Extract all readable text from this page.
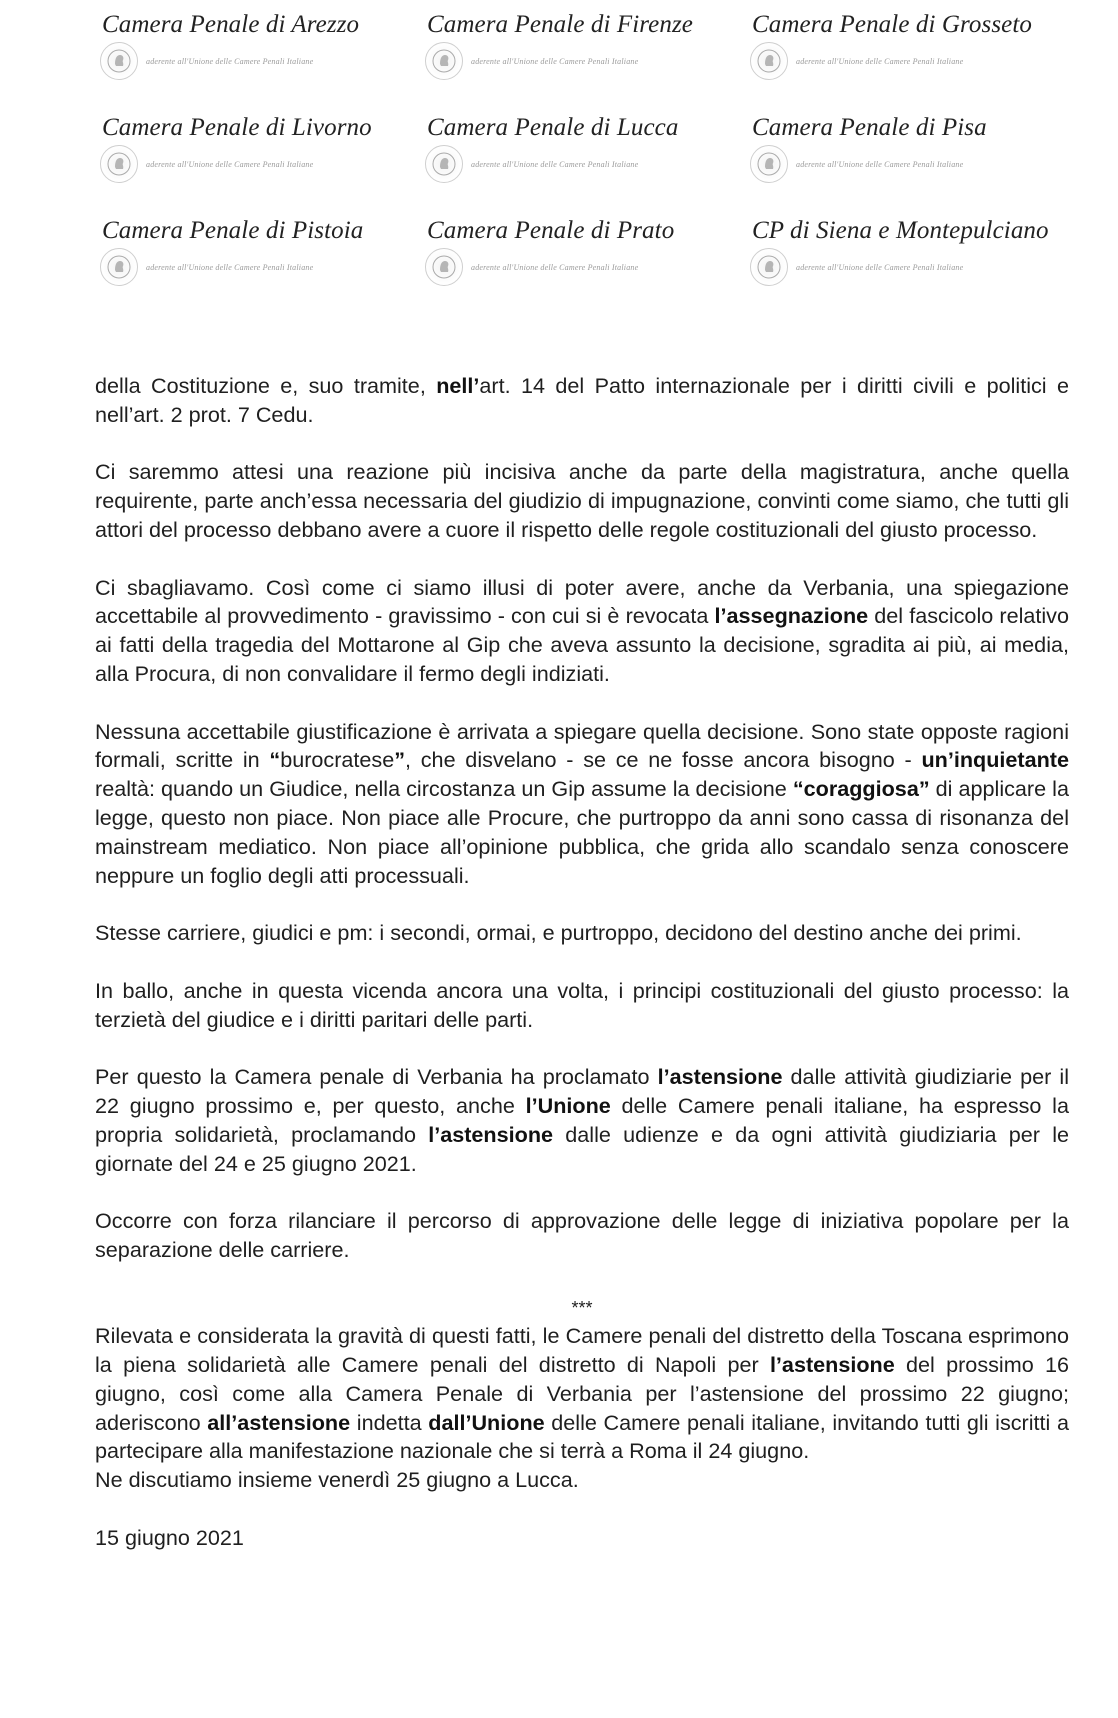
Camera Penale di Arezzo
aderente all'Unione delle Camere Penali Italiane
Camera Penale di Firenze
aderente all'Unione delle Camere Penali Italiane
Camera Penale di Grosseto
aderente all'Unione delle Camere Penali Italiane
Camera Penale di Livorno
aderente all'Unione delle Camere Penali Italiane
Camera Penale di Lucca
aderente all'Unione delle Camere Penali Italiane
Camera Penale di Pisa
aderente all'Unione delle Camere Penali Italiane
Camera Penale di Pistoia
aderente all'Unione delle Camere Penali Italiane
Camera Penale di Prato
aderente all'Unione delle Camere Penali Italiane
CP di Siena e Montepulciano
aderente all'Unione delle Camere Penali Italiane

della Costituzione e, suo tramite, nell’art. 14 del Patto internazionale per i diritti civili e politici e nell’art. 2 prot. 7 Cedu.

Ci saremmo attesi una reazione più incisiva anche da parte della magistratura, anche quella requirente, parte anch’essa necessaria del giudizio di impugnazione, convinti come siamo, che tutti gli attori del processo debbano avere a cuore il rispetto delle regole costituzionali del giusto processo.

Ci sbagliavamo. Così come ci siamo illusi di poter avere, anche da Verbania, una spiegazione accettabile al provvedimento - gravissimo - con cui si è revocata l’assegnazione del fascicolo relativo ai fatti della tragedia del Mottarone al Gip che aveva assunto la decisione, sgradita ai più, ai media, alla Procura, di non convalidare il fermo degli indiziati.

Nessuna accettabile giustificazione è arrivata a spiegare quella decisione. Sono state opposte ragioni formali, scritte in “burocratese”, che disvelano - se ce ne fosse ancora bisogno - un’inquietante realtà: quando un Giudice, nella circostanza un Gip assume la decisione “coraggiosa” di applicare la legge, questo non piace. Non piace alle Procure, che purtroppo da anni sono cassa di risonanza del mainstream mediatico. Non piace all’opinione pubblica, che grida allo scandalo senza conoscere neppure un foglio degli atti processuali.

Stesse carriere, giudici e pm: i secondi, ormai, e purtroppo, decidono del destino anche dei primi.

In ballo, anche in questa vicenda ancora una volta, i principi costituzionali del giusto processo: la terzietà del giudice e i diritti paritari delle parti.

Per questo la Camera penale di Verbania ha proclamato l’astensione dalle attività giudiziarie per il 22 giugno prossimo e, per questo, anche l’Unione delle Camere penali italiane, ha espresso la propria solidarietà, proclamando l’astensione dalle udienze e da ogni attività giudiziaria per le giornate del 24 e 25 giugno 2021.

Occorre con forza rilanciare il percorso di approvazione delle legge di iniziativa popolare per la separazione delle carriere.

***

Rilevata e considerata la gravità di questi fatti, le Camere penali del distretto della Toscana esprimono la piena solidarietà alle Camere penali del distretto di Napoli per l’astensione del prossimo 16 giugno, così come alla Camera Penale di Verbania per l’astensione del prossimo 22 giugno; aderiscono all’astensione indetta dall’Unione delle Camere penali italiane, invitando tutti gli iscritti a partecipare alla manifestazione nazionale che si terrà a Roma il 24 giugno.

Ne discutiamo insieme venerdì 25 giugno a Lucca.

15 giugno 2021
